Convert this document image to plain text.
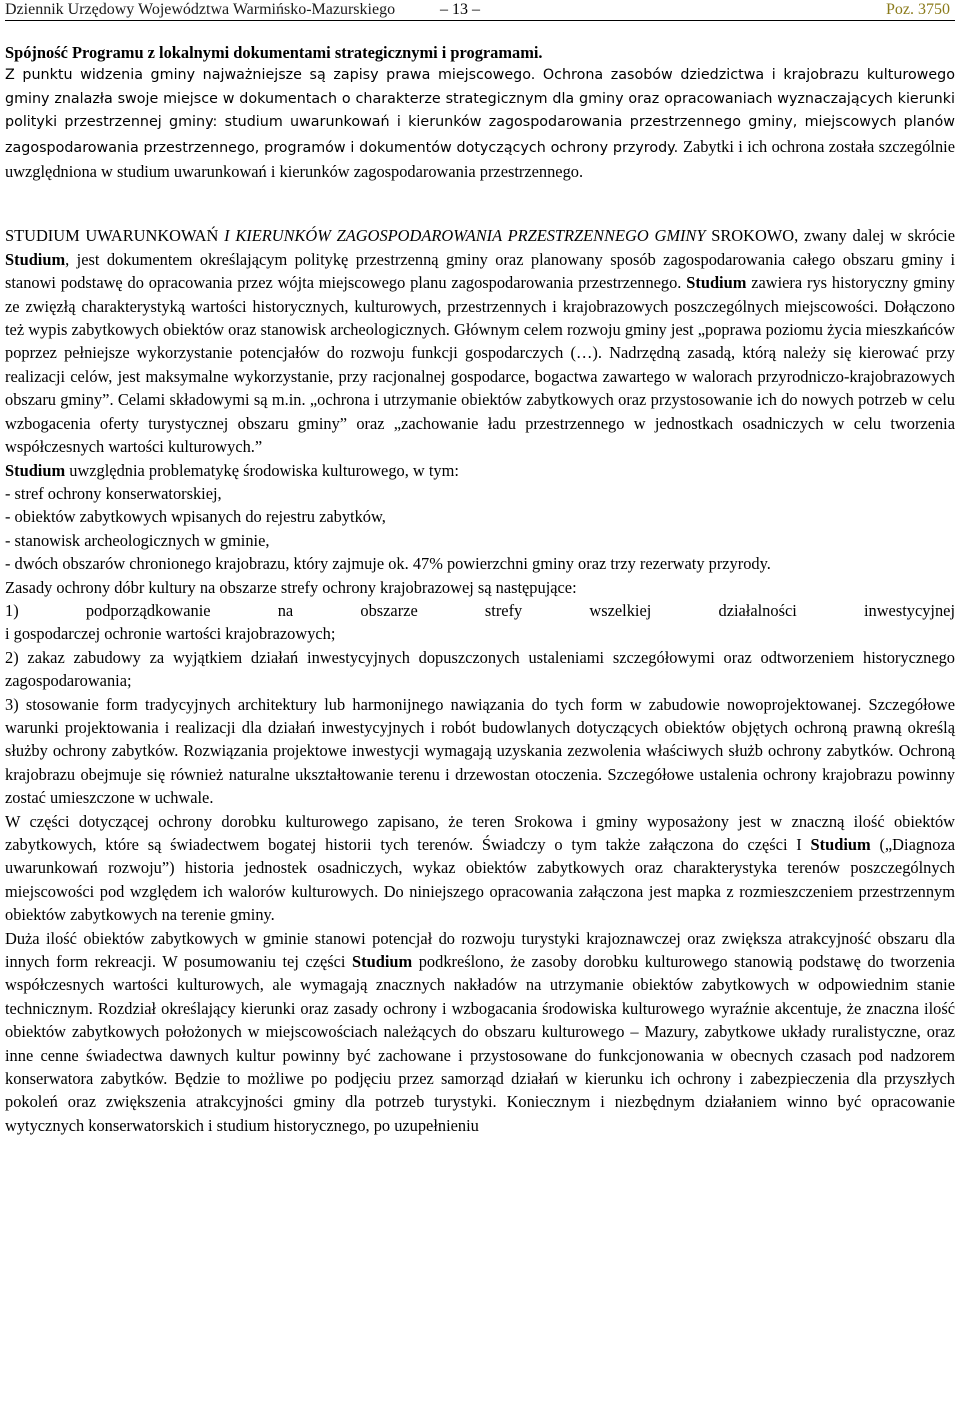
Dziennik Urzędowy Województwa Warmińsko-Mazurskiego	– 13 –	Poz. 3750
Spójność Programu z lokalnymi dokumentami strategicznymi i programami.

Z punktu widzenia gminy najważniejsze są zapisy prawa miejscowego. Ochrona zasobów dziedzictwa i krajobrazu kulturowego gminy znalazła swoje miejsce w dokumentach o charakterze strategicznym dla gminy oraz opracowaniach wyznaczających kierunki polityki przestrzennej gminy: studium uwarunkowań i kierunków zagospodarowania przestrzennego gminy, miejscowych planów zagospodarowania przestrzennego, programów i dokumentów dotyczących ochrony przyrody. Zabytki i ich ochrona została szczególnie uwzględniona w studium uwarunkowań i kierunków zagospodarowania przestrzennego.

STUDIUM UWARUNKOWAŃ I KIERUNKÓW ZAGOSPODAROWANIA PRZESTRZENNEGO GMINY SROKOWO, zwany dalej w skrócie Studium, jest dokumentem określającym politykę przestrzenną gminy oraz planowany sposób zagospodarowania całego obszaru gminy i stanowi podstawę do opracowania przez wójta miejscowego planu zagospodarowania przestrzennego. Studium zawiera rys historyczny gminy ze zwięzłą charakterystyką wartości historycznych, kulturowych, przestrzennych i krajobrazowych poszczególnych miejscowości. Dołączono też wypis zabytkowych obiektów oraz stanowisk archeologicznych. Głównym celem rozwoju gminy jest „poprawa poziomu życia mieszkańców poprzez pełniejsze wykorzystanie potencjałów do rozwoju funkcji gospodarczych (…). Nadrzędną zasadą, którą należy się kierować przy realizacji celów, jest maksymalne wykorzystanie, przy racjonalnej gospodarce, bogactwa zawartego w walorach przyrodniczo-krajobrazowych obszaru gminy”. Celami składowymi są m.in. „ochrona i utrzymanie obiektów zabytkowych oraz przystosowanie ich do nowych potrzeb w celu wzbogacenia oferty turystycznej obszaru gminy” oraz „zachowanie ładu przestrzennego w jednostkach osadniczych w celu tworzenia współczesnych wartości kulturowych.”

Studium uwzględnia problematykę środowiska kulturowego, w tym:

- stref ochrony konserwatorskiej,

- obiektów zabytkowych wpisanych do rejestru zabytków,

- stanowisk archeologicznych w gminie,

- dwóch obszarów chronionego krajobrazu, który zajmuje ok. 47% powierzchni gminy oraz trzy rezerwaty przyrody.

Zasady ochrony dóbr kultury na obszarze strefy ochrony krajobrazowej są następujące:

1) podporządkowanie na obszarze strefy wszelkiej działalności inwestycyjnej

i gospodarczej ochronie wartości krajobrazowych;

2) zakaz zabudowy za wyjątkiem działań inwestycyjnych dopuszczonych ustaleniami szczegółowymi oraz odtworzeniem historycznego zagospodarowania;

3) stosowanie form tradycyjnych architektury lub harmonijnego nawiązania do tych form w zabudowie nowoprojektowanej. Szczegółowe warunki projektowania i realizacji dla działań inwestycyjnych i robót budowlanych dotyczących obiektów objętych ochroną prawną określą służby ochrony zabytków. Rozwiązania projektowe inwestycji wymagają uzyskania zezwolenia właściwych służb ochrony zabytków. Ochroną krajobrazu obejmuje się również naturalne ukształtowanie terenu i drzewostan otoczenia. Szczegółowe ustalenia ochrony krajobrazu powinny zostać umieszczone w uchwale.

W części dotyczącej ochrony dorobku kulturowego zapisano, że teren Srokowa i gminy wyposażony jest w znaczną ilość obiektów zabytkowych, które są świadectwem bogatej historii tych terenów. Świadczy o tym także załączona do części I Studium („Diagnoza uwarunkowań rozwoju”) historia jednostek osadniczych, wykaz obiektów zabytkowych oraz charakterystyka terenów poszczególnych miejscowości pod względem ich walorów kulturowych. Do niniejszego opracowania załączona jest mapka z rozmieszczeniem przestrzennym obiektów zabytkowych na terenie gminy.

Duża ilość obiektów zabytkowych w gminie stanowi potencjał do rozwoju turystyki krajoznawczej oraz zwiększa atrakcyjność obszaru dla innych form rekreacji. W posumowaniu tej części Studium podkreślono, że zasoby dorobku kulturowego stanowią podstawę do tworzenia współczesnych wartości kulturowych, ale wymagają znacznych nakładów na utrzymanie obiektów zabytkowych w odpowiednim stanie technicznym. Rozdział określający kierunki oraz zasady ochrony i wzbogacania środowiska kulturowego wyraźnie akcentuje, że znaczna ilość obiektów zabytkowych położonych w miejscowościach należących do obszaru kulturowego – Mazury, zabytkowe układy ruralistyczne, oraz inne cenne świadectwa dawnych kultur powinny być zachowane i przystosowane do funkcjonowania w obecnych czasach pod nadzorem konserwatora zabytków. Będzie to możliwe po podjęciu przez samorząd działań w kierunku ich ochrony i zabezpieczenia dla przyszłych pokoleń oraz zwiększenia atrakcyjności gminy dla potrzeb turystyki. Koniecznym i niezbędnym działaniem winno być opracowanie wytycznych konserwatorskich i studium historycznego, po uzupełnieniu
